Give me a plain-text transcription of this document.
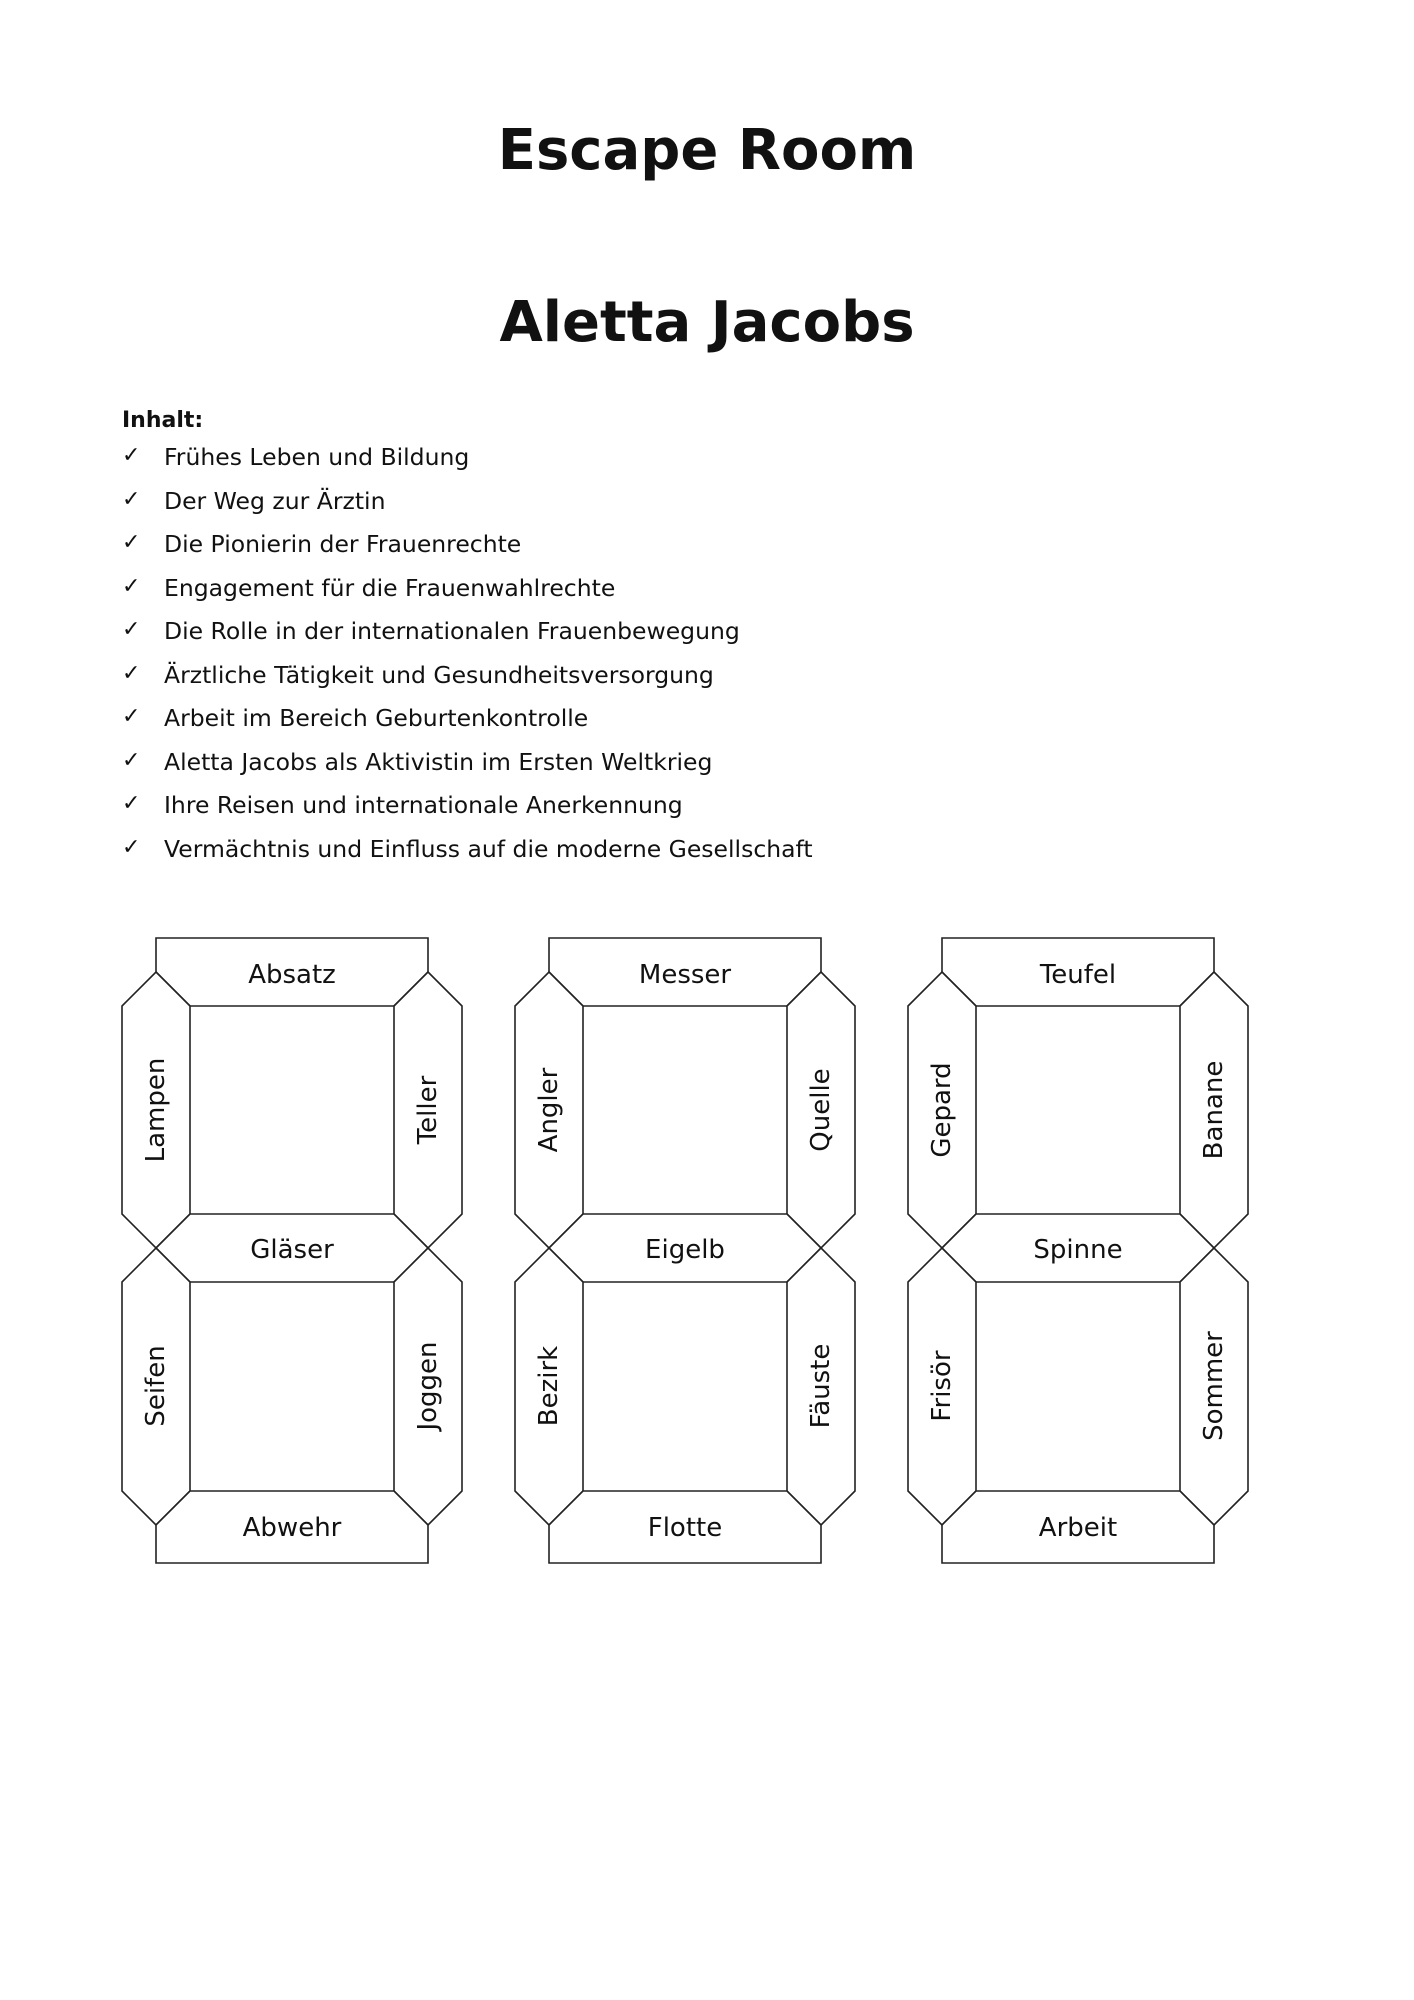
Escape Room
Aletta Jacobs
Inhalt:
✓	Frühes Leben und Bildung
✓	Der Weg zur Ärztin
✓	Die Pionierin der Frauenrechte
✓	Engagement für die Frauenwahlrechte
✓	Die Rolle in der internationalen Frauenbewegung
✓	Ärztliche Tätigkeit und Gesundheitsversorgung
✓	Arbeit im Bereich Geburtenkontrolle
✓	Aletta Jacobs als Aktivistin im Ersten Weltkrieg
✓	Ihre Reisen und internationale Anerkennung
✓	Vermächtnis und Einfluss auf die moderne Gesellschaft
Absatz
Lampen	Teller
Gläser
Seifen	Joggen
Abwehr
Messer
Angler	Quelle
Eigelb
Bezirk	Fäuste
Flotte
Teufel
Gepard	Banane
Spinne
Frisör	Sommer
Arbeit
